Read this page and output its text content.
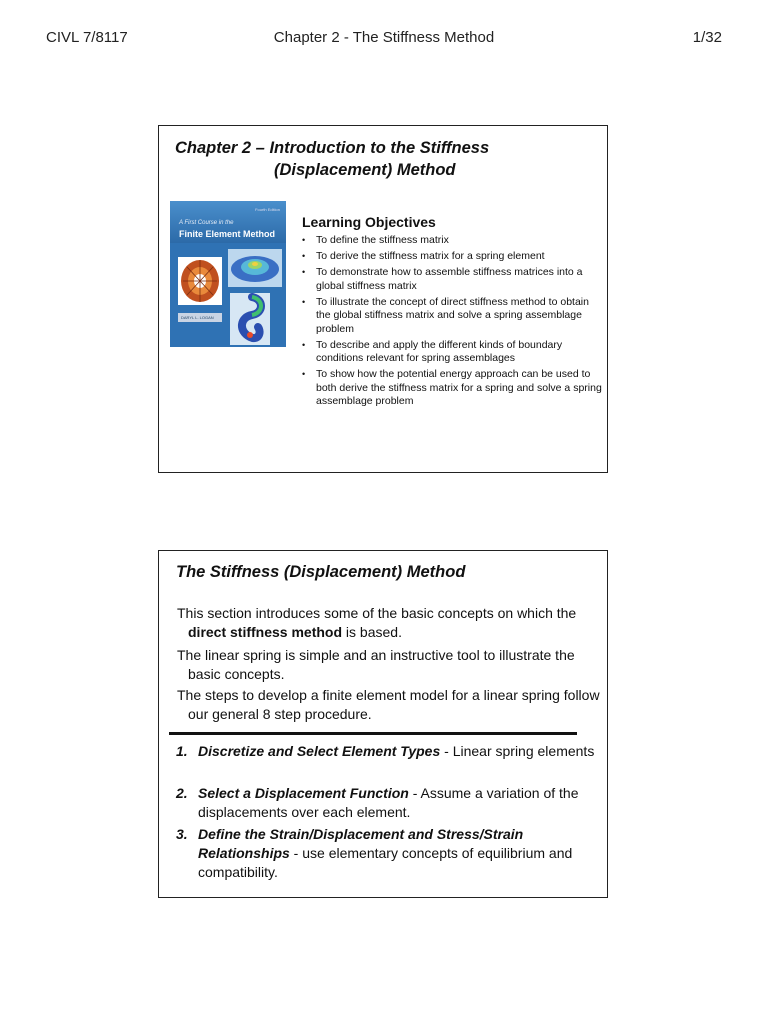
CIVL 7/8117	Chapter 2 - The Stiffness Method	1/32
Chapter 2 – Introduction to the Stiffness
(Displacement) Method
Fourth Edition
A First Course in the
Finite Element Method
DARYL L. LOGAN
Learning Objectives
• To define the stiffness matrix
• To derive the stiffness matrix for a spring element
• To demonstrate how to assemble stiffness matrices into a global stiffness matrix
• To illustrate the concept of direct stiffness method to obtain the global stiffness matrix and solve a spring assemblage problem
• To describe and apply the different kinds of boundary conditions relevant for spring assemblages
• To show how the potential energy approach can be used to both derive the stiffness matrix for a spring and solve a spring assemblage problem
The Stiffness (Displacement) Method
This section introduces some of the basic concepts on which the direct stiffness method is based.
The linear spring is simple and an instructive tool to illustrate the basic concepts.
The steps to develop a finite element model for a linear spring follow our general 8 step procedure.
1. Discretize and Select Element Types - Linear spring elements
2. Select a Displacement Function - Assume a variation of the displacements over each element.
3. Define the Strain/Displacement and Stress/Strain Relationships - use elementary concepts of equilibrium and compatibility.
